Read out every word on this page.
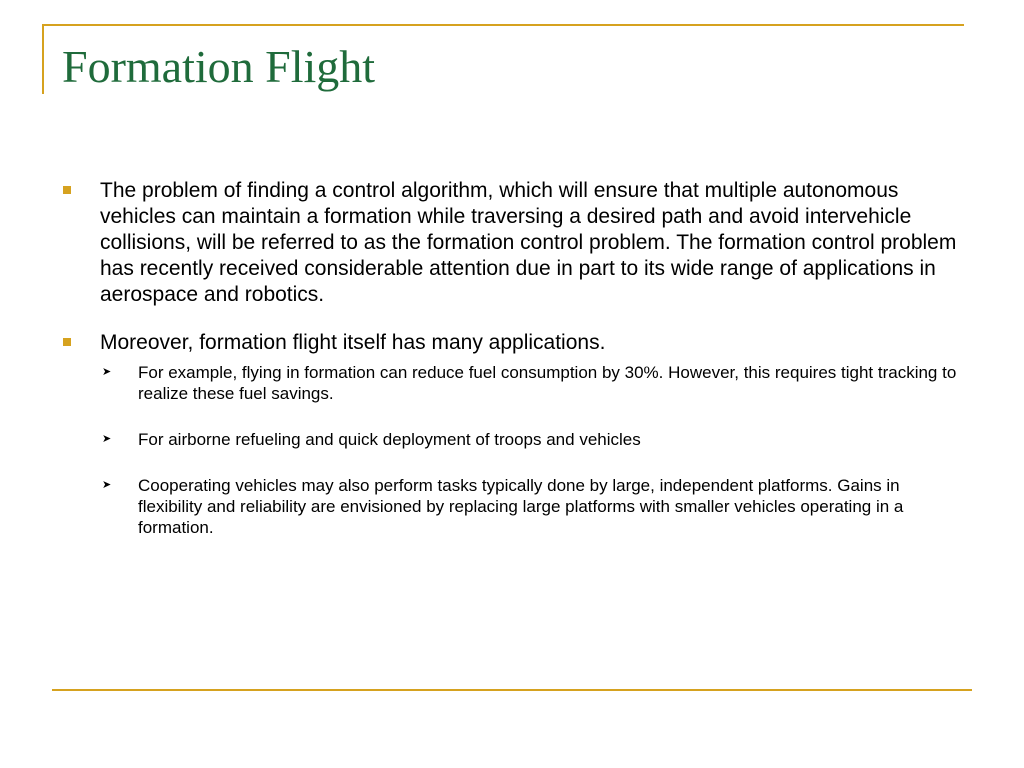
Formation Flight
The problem of finding a control algorithm, which will ensure that multiple autonomous vehicles can maintain a formation while traversing a desired path and avoid intervehicle collisions, will be referred to as the formation control problem. The formation control problem has recently received considerable attention due in part to its wide range of applications in aerospace and robotics.
Moreover, formation flight itself has many applications.
➤ For example, flying in formation can reduce fuel consumption by 30%. However, this requires tight tracking to realize these fuel savings.
➤ For airborne refueling and quick deployment of troops and vehicles
➤ Cooperating vehicles may also perform tasks typically done by large, independent platforms. Gains in flexibility and reliability are envisioned by replacing large platforms with smaller vehicles operating in a formation.
